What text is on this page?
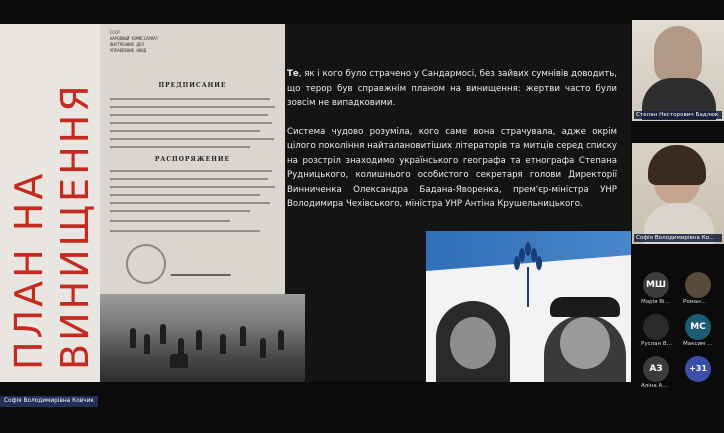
ПЛАН НА ВИНИЩЕННЯ
СССР
НАРОДНЫЙ КОМИССАРИАТ
ВНУТРЕННИХ ДЕЛ
УПРАВЛЕНИЕ НКВД
ПРЕДПИСАНИЕ
РАСПОРЯЖЕНИЕ

Те, як і кого було страчено у Сандармосі, без зайвих сумнівів доводить, що терор був справжнім планом на винищення: жертви часто були зовсім не випадковими.

Система чудово розуміла, кого саме вона страчувала, адже окрім цілого покоління найталановитіших літераторів та митців серед списку на розстріл знаходимо українського географа та етнографа Степана Рудницького, колишнього особистого секретаря голови Директорії Винниченка Олександра Бадана-Яворенка, прем'єр-міністра УНР Володимира Чехівського, міністра УНР Антіна Крушельницького.

Степан Несторович Бадлюк
Софія Володимирівна Ко...
МШ
Марія Ві...	Роман...
Руслан В...
МС
Максим ...
АЗ
Аліна А...
+31
Софія Володимирівна Ковчик
